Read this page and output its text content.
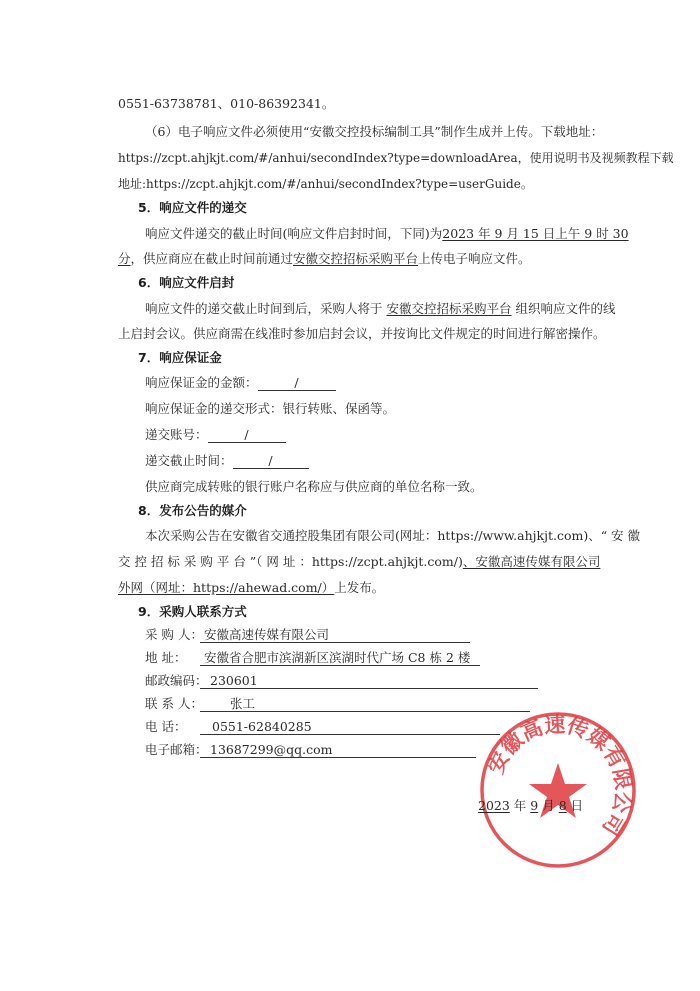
0551-63738781、010-86392341。
（6）电子响应文件必须使用“安徽交控投标编制工具”制作生成并上传。下载地址：
https://zcpt.ahjkjt.com/#/anhui/secondIndex?type=downloadArea，使用说明书及视频教程下载
地址:https://zcpt.ahjkjt.com/#/anhui/secondIndex?type=userGuide。
5．响应文件的递交
响应文件递交的截止时间(响应文件启封时间，下同)为2023 年 9 月 15 日上午 9 时 30
分，供应商应在截止时间前通过安徽交控招标采购平台上传电子响应文件。
6．响应文件启封
响应文件的递交截止时间到后，采购人将于 安徽交控招标采购平台 组织响应文件的线
上启封会议。供应商需在线准时参加启封会议，并按询比文件规定的时间进行解密操作。
7．响应保证金
响应保证金的金额：	/
响应保证金的递交形式：银行转账、保函等。
递交账号：	/
递交截止时间：	/
供应商完成转账的银行账户名称应与供应商的单位名称一致。
8．发布公告的媒介
本次采购公告在安徽省交通控股集团有限公司(网址：https://www.ahjkjt.com)、“ 安 徽
交 控 招 标 采 购 平 台 ”（ 网 址 ：https://zcpt.ahjkjt.com/)、安徽高速传媒有限公司
外网（网址：https://ahewad.com/）上发布。
9．采购人联系方式
采 购 人： 安徽高速传媒有限公司
地 址： 安徽省合肥市滨湖新区滨湖时代广场 C8 栋 2 楼
邮政编码： 230601
联 系 人： 张工
电 话： 0551-62840285
电子邮箱： 13687299@qq.com	安徽高速传媒有限公司
2023 年 9 月 8 日
